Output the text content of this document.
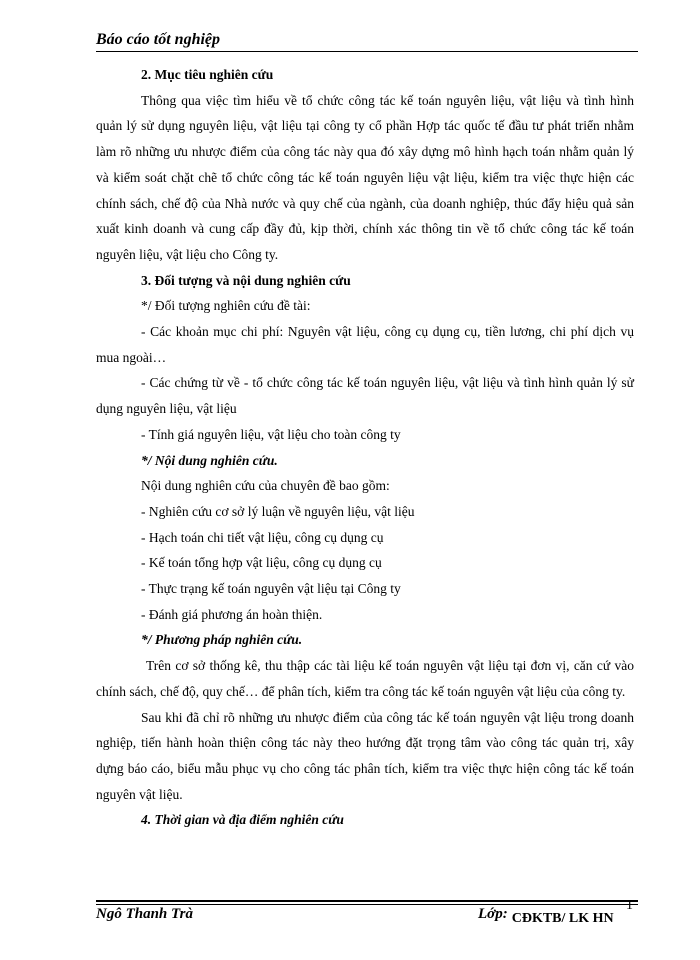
Báo cáo tốt nghiệp

2. Mục tiêu nghiên cứu

Thông qua việc tìm hiểu về tổ chức công tác kế toán nguyên liệu, vật liệu và tình hình quản lý sử dụng nguyên liệu, vật liệu tại công ty cổ phần Hợp tác quốc tế đầu tư phát triển nhằm làm rõ những ưu nhược điểm của công tác này qua đó xây dựng mô hình hạch toán nhằm quản lý và kiểm soát chặt chẽ tổ chức công tác kế toán nguyên liệu vật liệu, kiểm tra việc thực hiện các chính sách, chế độ của Nhà nước và quy chế của ngành, của doanh nghiệp, thúc đẩy hiệu quả sản xuất kinh doanh và cung cấp đầy đủ, kịp thời, chính xác thông tin về tổ chức công tác kế toán nguyên liệu, vật liệu cho Công ty.

3. Đối tượng và nội dung nghiên cứu

*/ Đối tượng nghiên cứu đề tài:

- Các khoản mục chi phí: Nguyên vật liệu, công cụ dụng cụ, tiền lương, chi phí dịch vụ mua ngoài…

- Các chứng từ về - tổ chức công tác kế toán nguyên liệu, vật liệu và tình hình quản lý sử dụng nguyên liệu, vật liệu

- Tính giá nguyên liệu, vật liệu cho toàn công ty

*/ Nội dung nghiên cứu.

Nội dung nghiên cứu của chuyên đề bao gồm:

- Nghiên cứu cơ sở lý luận về nguyên liệu, vật liệu

- Hạch toán chi tiết vật liệu, công cụ dụng cụ

- Kế toán tổng hợp vật liệu, công cụ dụng cụ

- Thực trạng kế toán nguyên vật liệu tại Công ty

- Đánh giá phương án hoàn thiện.

*/ Phương pháp nghiên cứu.

Trên cơ sở thống kê, thu thập các tài liệu kế toán nguyên vật liệu tại đơn vị, căn cứ vào chính sách, chế độ, quy chế… để phân tích, kiểm tra công tác kế toán nguyên vật liệu của công ty.

Sau khi đã chỉ rõ những ưu nhược điểm của công tác kế toán nguyên vật liệu trong doanh nghiệp, tiến hành hoàn thiện công tác này theo hướng đặt trọng tâm vào công tác quản trị, xây dựng báo cáo, biểu mẫu phục vụ cho công tác phân tích, kiểm tra việc thực hiện công tác kế toán nguyên vật liệu.

4. Thời gian và địa điểm nghiên cứu

Ngô Thanh Trà	Lớp: CĐKTB/ LK HN
1
